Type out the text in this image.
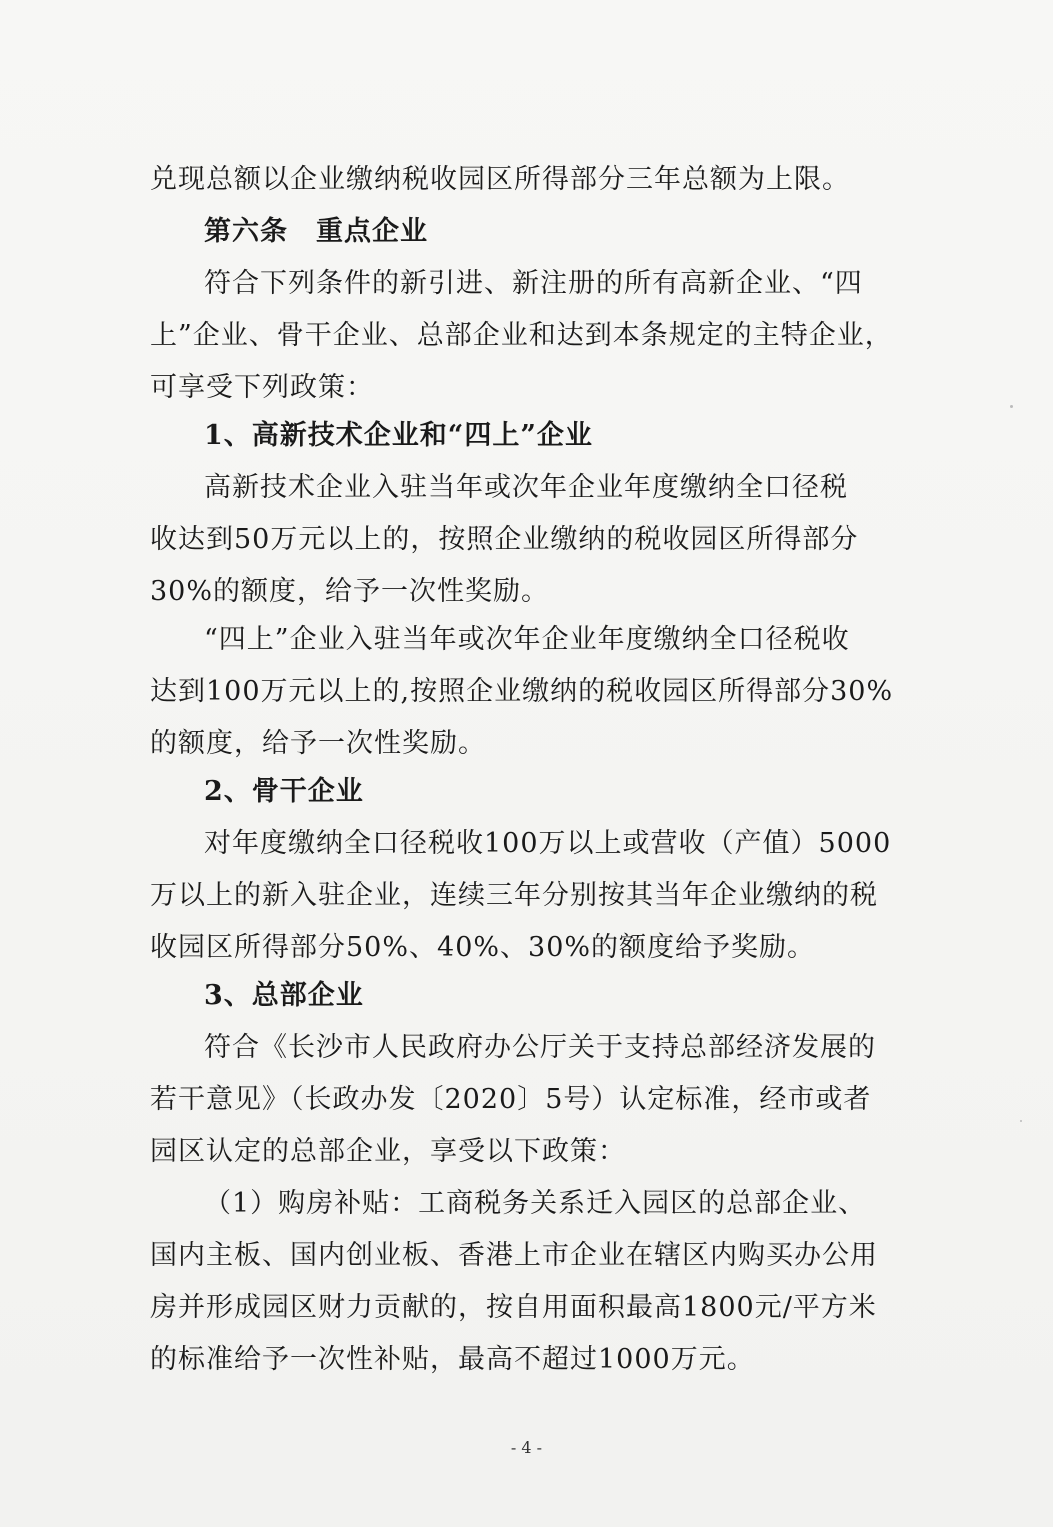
兑现总额以企业缴纳税收园区所得部分三年总额为上限。

第六条　重点企业

符合下列条件的新引进、新注册的所有高新企业、“四

上”企业、骨干企业、总部企业和达到本条规定的主特企业，

可享受下列政策：

1、高新技术企业和“四上”企业

高新技术企业入驻当年或次年企业年度缴纳全口径税

收达到50万元以上的，按照企业缴纳的税收园区所得部分

30%的额度，给予一次性奖励。

“四上”企业入驻当年或次年企业年度缴纳全口径税收

达到100万元以上的,按照企业缴纳的税收园区所得部分30%

的额度，给予一次性奖励。

2、骨干企业

对年度缴纳全口径税收100万以上或营收（产值）5000

万以上的新入驻企业，连续三年分别按其当年企业缴纳的税

收园区所得部分50%、40%、30%的额度给予奖励。

3、总部企业

符合《长沙市人民政府办公厅关于支持总部经济发展的

若干意见》（长政办发〔2020〕5号）认定标准，经市或者

园区认定的总部企业，享受以下政策：

（1）购房补贴：工商税务关系迁入园区的总部企业、

国内主板、国内创业板、香港上市企业在辖区内购买办公用

房并形成园区财力贡献的，按自用面积最高1800元/平方米

的标准给予一次性补贴，最高不超过1000万元。

- 4 -
